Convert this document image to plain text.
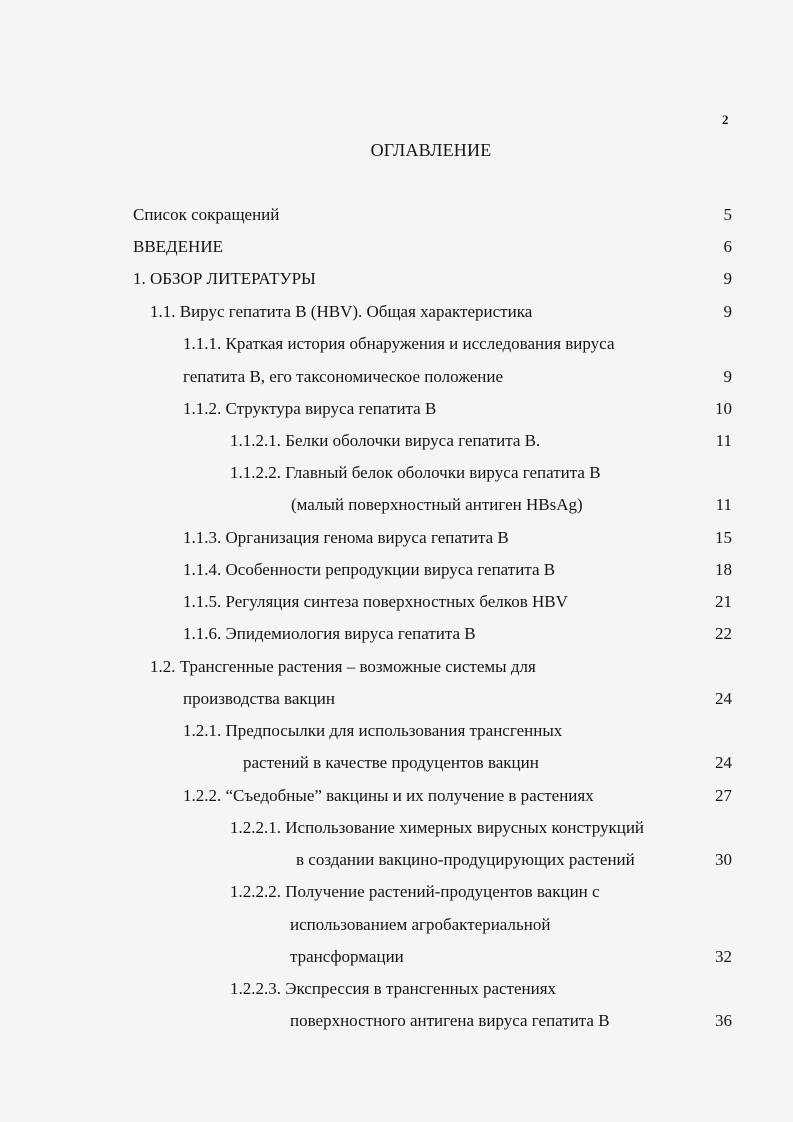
2
ОГЛАВЛЕНИЕ
Список сокращений	5
ВВЕДЕНИЕ	6
1. ОБЗОР ЛИТЕРАТУРЫ	9
1.1. Вирус гепатита В (HBV). Общая характеристика	9
1.1.1. Краткая история обнаружения и исследования вируса
гепатита В, его таксономическое положение	9
1.1.2. Структура вируса гепатита В	10
1.1.2.1. Белки оболочки вируса гепатита В.	11
1.1.2.2. Главный белок оболочки вируса гепатита В
(малый поверхностный антиген HBsAg)	11
1.1.3. Организация генома вируса гепатита В	15
1.1.4. Особенности репродукции вируса гепатита В	18
1.1.5. Регуляция синтеза поверхностных белков HBV	21
1.1.6. Эпидемиология вируса гепатита В	22
1.2. Трансгенные растения – возможные системы для
производства вакцин	24
1.2.1. Предпосылки для использования трансгенных
растений в качестве продуцентов вакцин	24
1.2.2. “Съедобные” вакцины и их получение в растениях	27
1.2.2.1. Использование химерных вирусных конструкций
в создании вакцино-продуцирующих растений	30
1.2.2.2. Получение растений-продуцентов вакцин с
использованием агробактериальной
трансформации	32
1.2.2.3. Экспрессия в трансгенных растениях
поверхностного антигена вируса гепатита В	36
